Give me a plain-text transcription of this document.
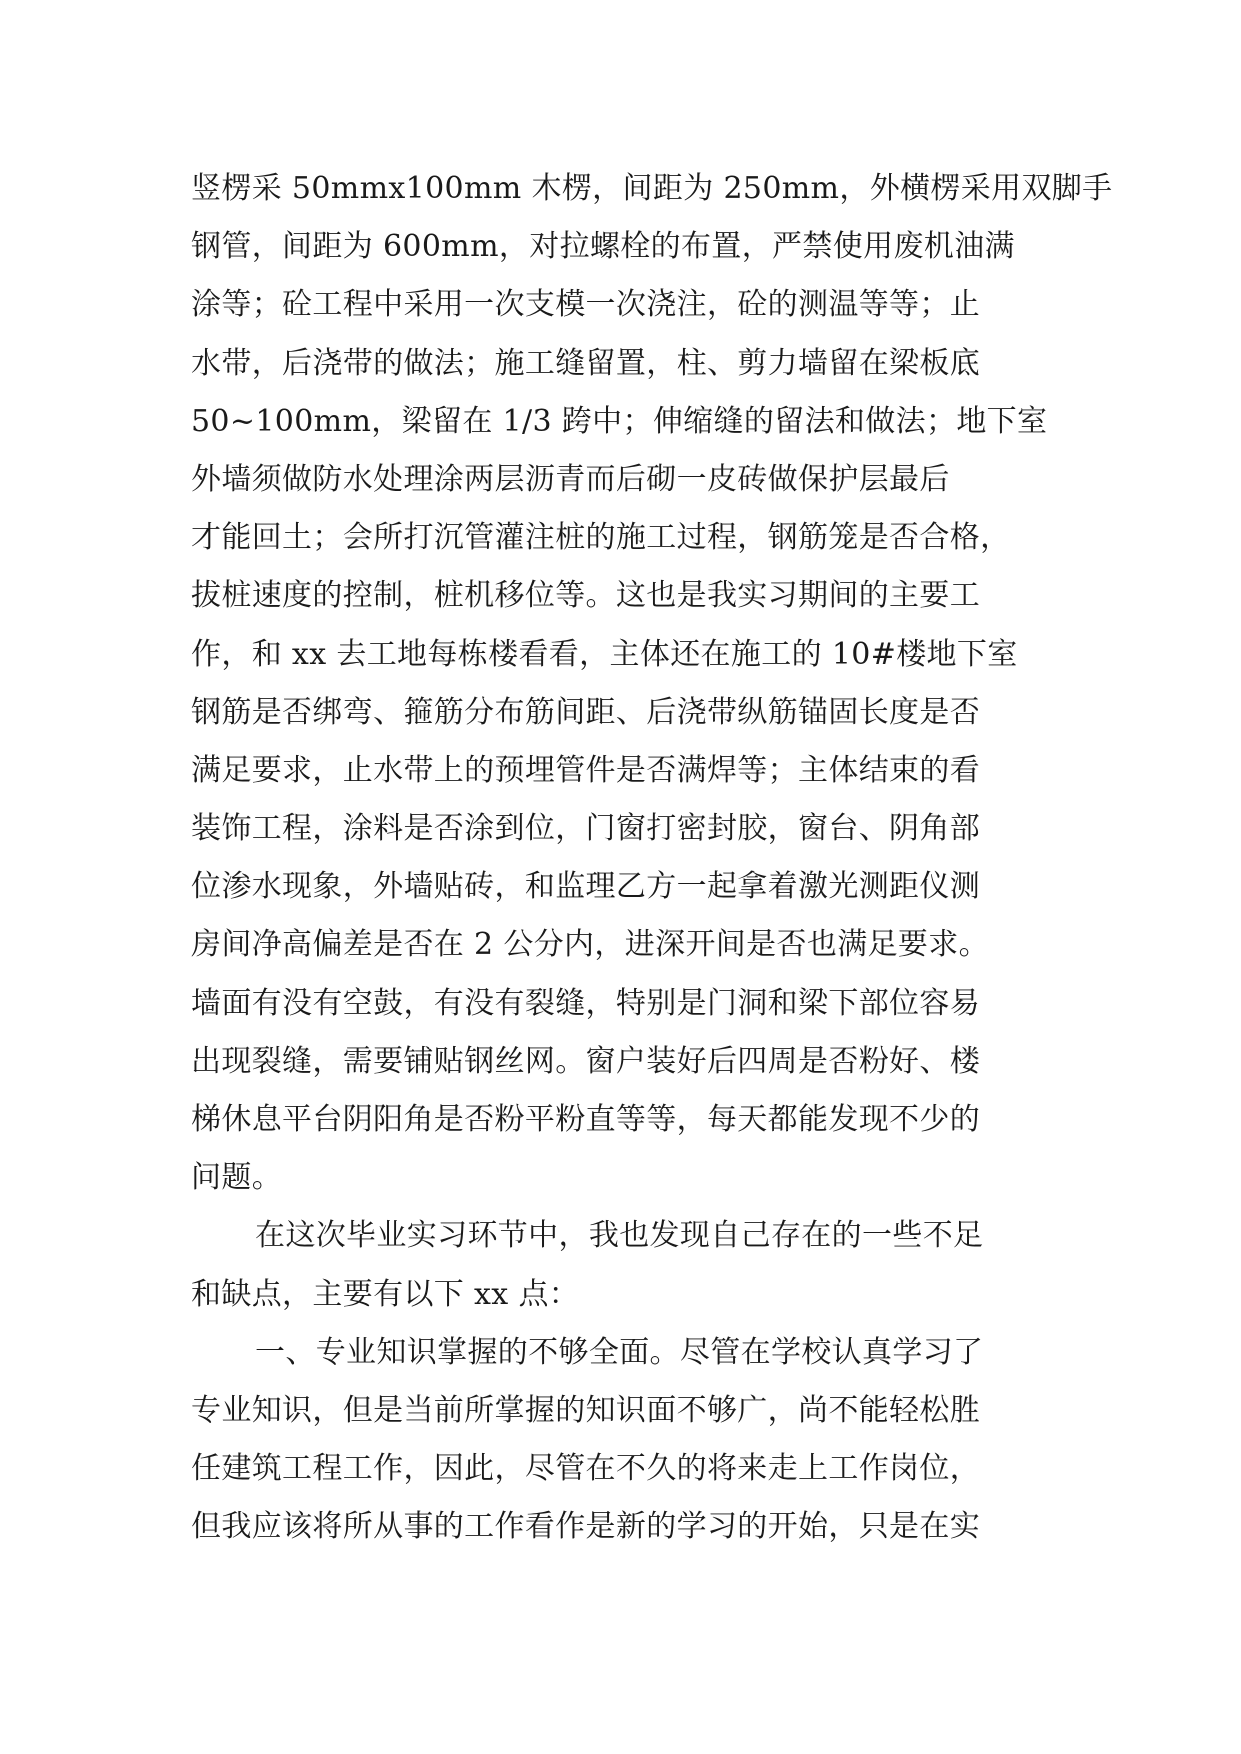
竖楞采 50mmx100mm 木楞，间距为 250mm，外横楞采用双脚手
钢管，间距为 600mm，对拉螺栓的布置，严禁使用废机油满
涂等；砼工程中采用一次支模一次浇注，砼的测温等等；止
水带，后浇带的做法；施工缝留置，柱、剪力墙留在梁板底
50~100mm，梁留在 1/3 跨中；伸缩缝的留法和做法；地下室
外墙须做防水处理涂两层沥青而后砌一皮砖做保护层最后
才能回土；会所打沉管灌注桩的施工过程，钢筋笼是否合格，
拔桩速度的控制，桩机移位等。这也是我实习期间的主要工
作，和 xx 去工地每栋楼看看，主体还在施工的 10#楼地下室
钢筋是否绑弯、箍筋分布筋间距、后浇带纵筋锚固长度是否
满足要求，止水带上的预埋管件是否满焊等；主体结束的看
装饰工程，涂料是否涂到位，门窗打密封胶，窗台、阴角部
位渗水现象，外墙贴砖，和监理乙方一起拿着激光测距仪测
房间净高偏差是否在 2 公分内，进深开间是否也满足要求。
墙面有没有空鼓，有没有裂缝，特别是门洞和梁下部位容易
出现裂缝，需要铺贴钢丝网。窗户装好后四周是否粉好、楼
梯休息平台阴阳角是否粉平粉直等等，每天都能发现不少的
问题。
在这次毕业实习环节中，我也发现自己存在的一些不足
和缺点，主要有以下 xx 点：
一、专业知识掌握的不够全面。尽管在学校认真学习了
专业知识，但是当前所掌握的知识面不够广，尚不能轻松胜
任建筑工程工作，因此，尽管在不久的将来走上工作岗位，
但我应该将所从事的工作看作是新的学习的开始，只是在实
